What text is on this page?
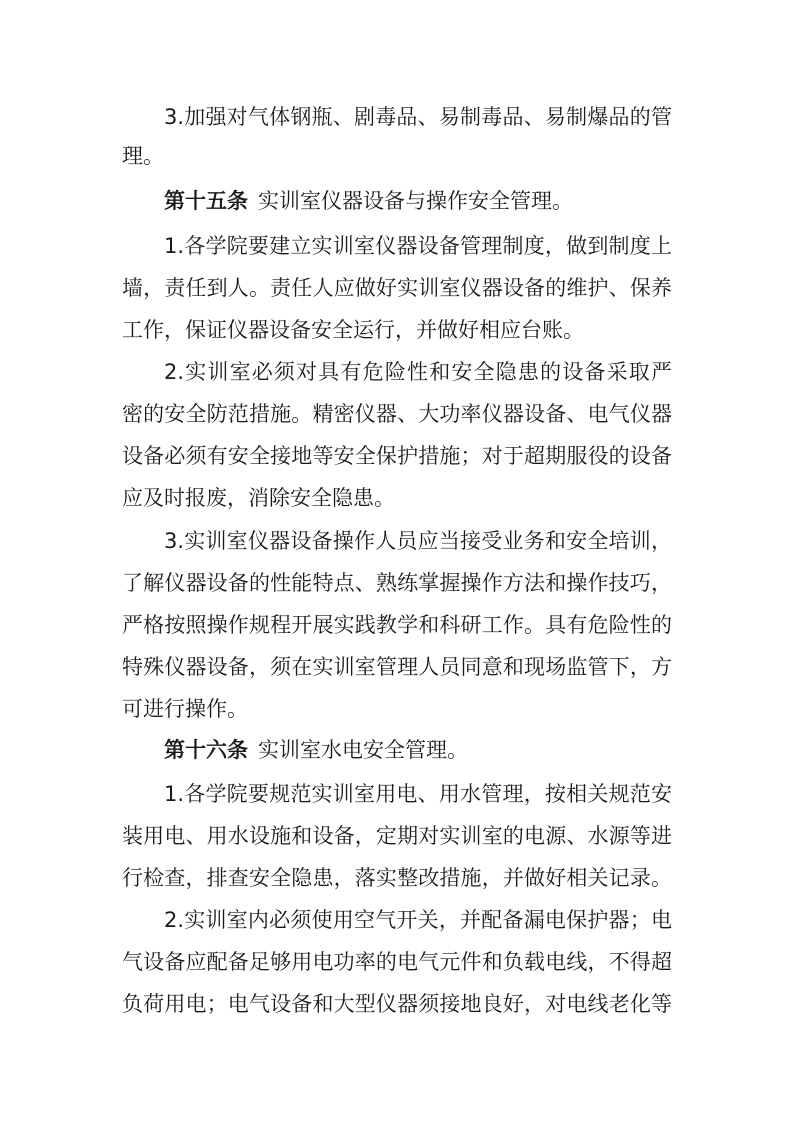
3.加强对气体钢瓶、剧毒品、易制毒品、易制爆品的管
理。
第十五条 实训室仪器设备与操作安全管理。
1.各学院要建立实训室仪器设备管理制度，做到制度上
墙，责任到人。责任人应做好实训室仪器设备的维护、保养
工作，保证仪器设备安全运行，并做好相应台账。
2.实训室必须对具有危险性和安全隐患的设备采取严
密的安全防范措施。精密仪器、大功率仪器设备、电气仪器
设备必须有安全接地等安全保护措施；对于超期服役的设备
应及时报废，消除安全隐患。
3.实训室仪器设备操作人员应当接受业务和安全培训，
了解仪器设备的性能特点、熟练掌握操作方法和操作技巧，
严格按照操作规程开展实践教学和科研工作。具有危险性的
特殊仪器设备，须在实训室管理人员同意和现场监管下，方
可进行操作。
第十六条 实训室水电安全管理。
1.各学院要规范实训室用电、用水管理，按相关规范安
装用电、用水设施和设备，定期对实训室的电源、水源等进
行检查，排查安全隐患，落实整改措施，并做好相关记录。
2.实训室内必须使用空气开关，并配备漏电保护器；电
气设备应配备足够用电功率的电气元件和负载电线，不得超
负荷用电；电气设备和大型仪器须接地良好，对电线老化等
